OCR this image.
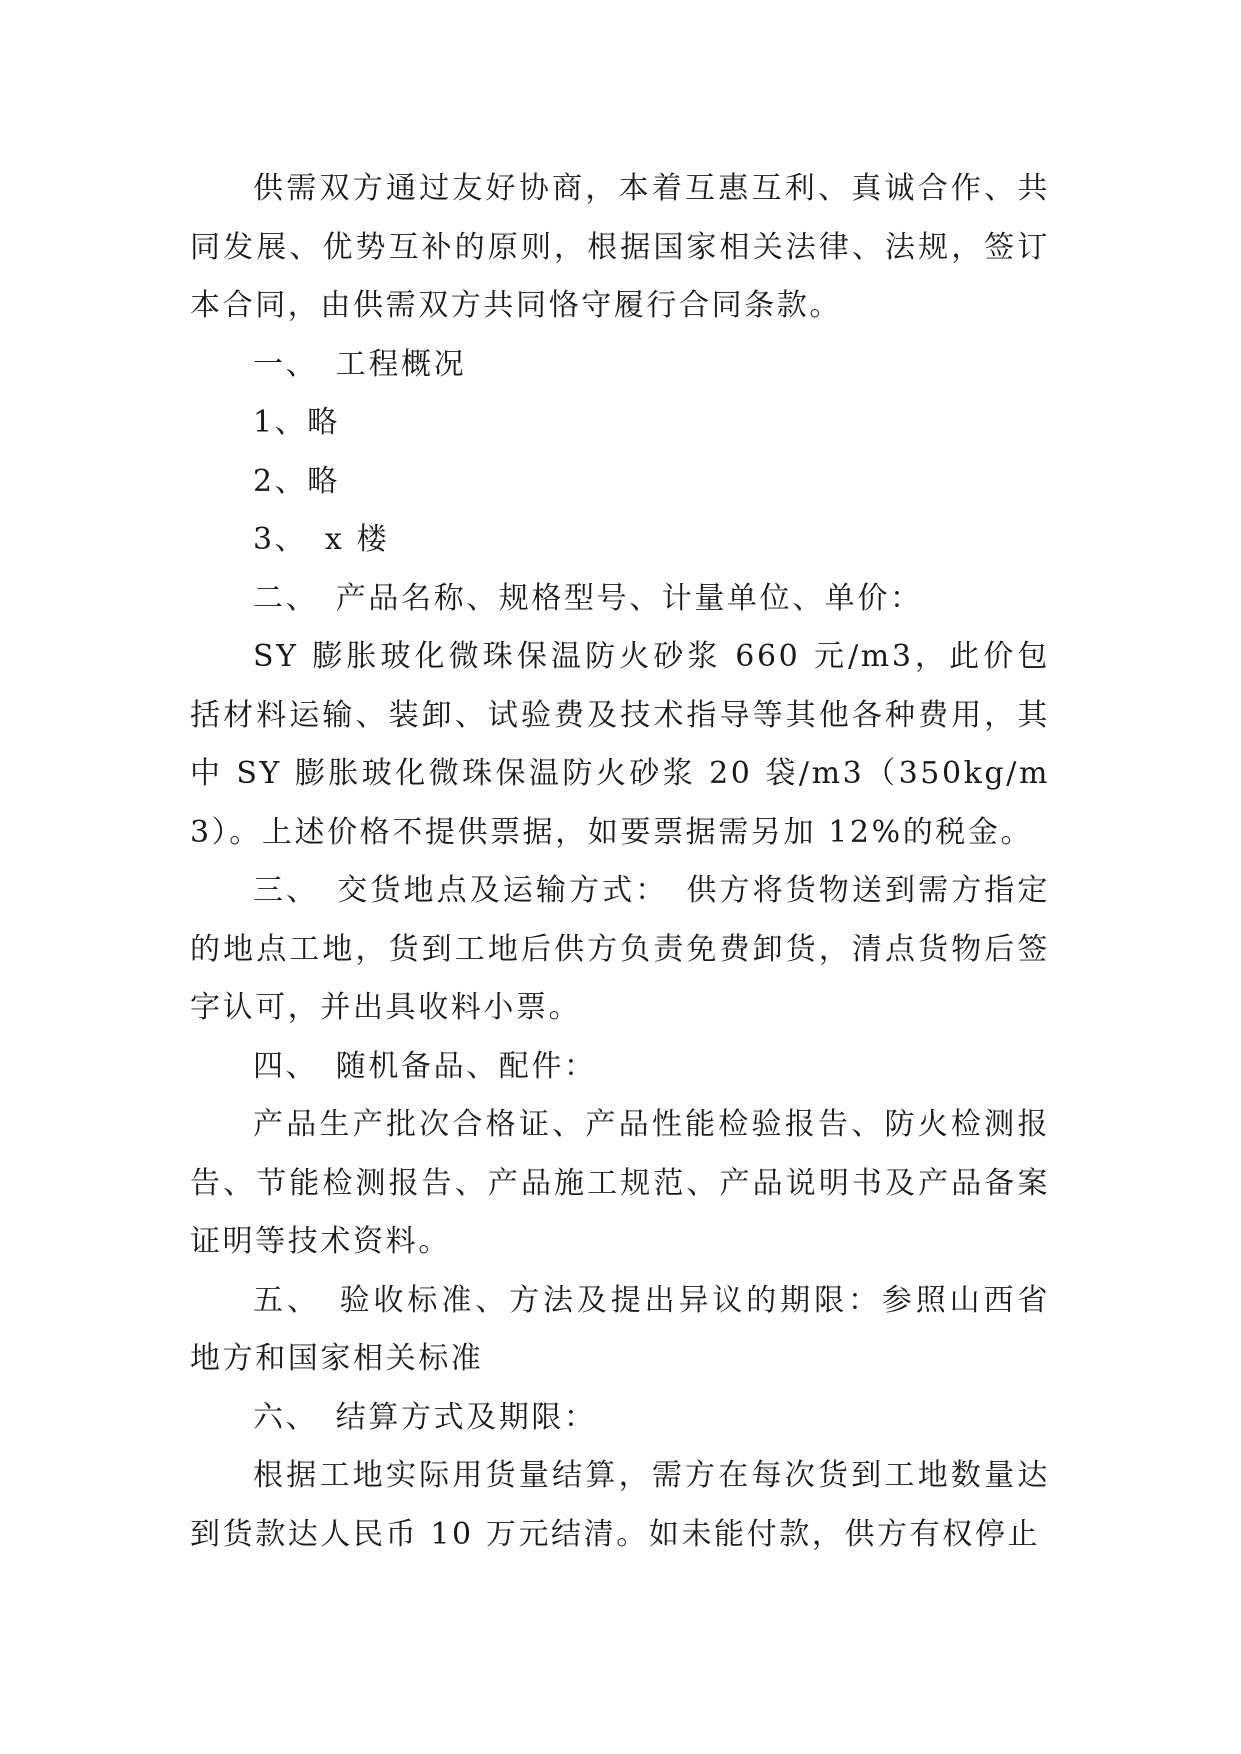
供需双方通过友好协商，本着互惠互利、真诚合作、共同发展、优势互补的原则，根据国家相关法律、法规，签订本合同，由供需双方共同恪守履行合同条款。

一、　工程概况

1、略

2、略

3、　x 楼

二、　产品名称、规格型号、计量单位、单价：

SY 膨胀玻化微珠保温防火砂浆 660 元/m3，此价包括材料运输、装卸、试验费及技术指导等其他各种费用，其中 SY 膨胀玻化微珠保温防火砂浆 20 袋/m3（350kg/m3）。上述价格不提供票据，如要票据需另加 12%的税金。

三、　交货地点及运输方式：　供方将货物送到需方指定的地点工地，货到工地后供方负责免费卸货，清点货物后签字认可，并出具收料小票。

四、　随机备品、配件：

产品生产批次合格证、产品性能检验报告、防火检测报告、节能检测报告、产品施工规范、产品说明书及产品备案证明等技术资料。

五、　验收标准、方法及提出异议的期限：参照山西省地方和国家相关标准

六、　结算方式及期限：

根据工地实际用货量结算，需方在每次货到工地数量达到货款达人民币 10 万元结清。如未能付款，供方有权停止
